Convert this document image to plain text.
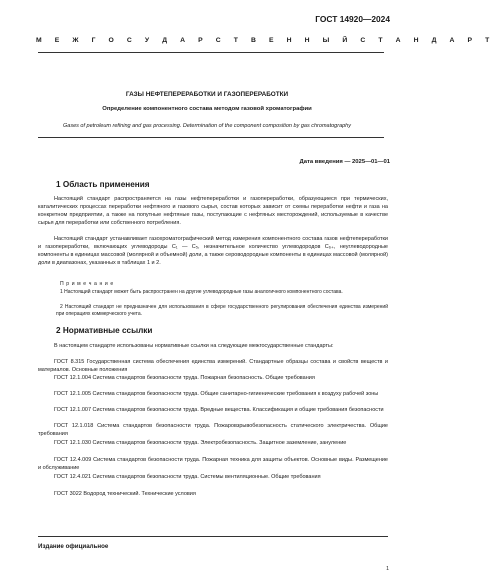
ГОСТ 14920—2024
М Е Ж Г О С У Д А Р С Т В Е Н Н Ы Й С Т А Н Д А Р Т
ГАЗЫ НЕФТЕПЕРЕРАБОТКИ И ГАЗОПЕРЕРАБОТКИ
Определение компонентного состава методом газовой хроматографии
Gases of petroleum refining and gas processing. Determination of the component composition by gas chromatography
Дата введения — 2025—01—01
1 Область применения
Настоящий стандарт распространяется на газы нефтепереработки и газопереработки, образующиеся при термических, каталитических процессах переработки нефтяного и газового сырья, состав которых зависит от схемы переработки нефти и газа на конкретном предприятии, а также на попутные нефтяные газы, поступающие с нефтяных месторождений, используемые в качестве сырья для переработки или собственного потребления.
Настоящий стандарт устанавливает газохроматографический метод измерения компонентного состава газов нефтепереработки и газопереработки, включающих углеводороды C₁ — C₅, незначительное количество углеводородов C₆₊, неуглеводородные компоненты в единицах массовой (молярной и объемной) доли, а также сероводородные компоненты в единицах массовой (молярной) доли в диапазонах, указанных в таблицах 1 и 2.
П р и м е ч а н и е
1 Настоящий стандарт может быть распространен на другие углеводородные газы аналогичного компонентного состава.
2 Настоящий стандарт не предназначен для использования в сфере государственного регулирования обеспечения единства измерений при операциях коммерческого учета.
2 Нормативные ссылки
В настоящем стандарте использованы нормативные ссылки на следующие межгосударственные стандарты:
ГОСТ 8.315 Государственная система обеспечения единства измерений. Стандартные образцы состава и свойств веществ и материалов. Основные положения
ГОСТ 12.1.004 Система стандартов безопасности труда. Пожарная безопасность. Общие требования
ГОСТ 12.1.005 Система стандартов безопасности труда. Общие санитарно-гигиенические требования к воздуху рабочей зоны
ГОСТ 12.1.007 Система стандартов безопасности труда. Вредные вещества. Классификация и общие требования безопасности
ГОСТ 12.1.018 Система стандартов безопасности труда. Пожаровзрывобезопасность статического электричества. Общие требования
ГОСТ 12.1.030 Система стандартов безопасности труда. Электробезопасность. Защитное заземление, зануление
ГОСТ 12.4.009 Система стандартов безопасности труда. Пожарная техника для защиты объектов. Основные виды. Размещение и обслуживание
ГОСТ 12.4.021 Система стандартов безопасности труда. Системы вентиляционные. Общие требования
ГОСТ 3022 Водород технический. Технические условия
Издание официальное
1
